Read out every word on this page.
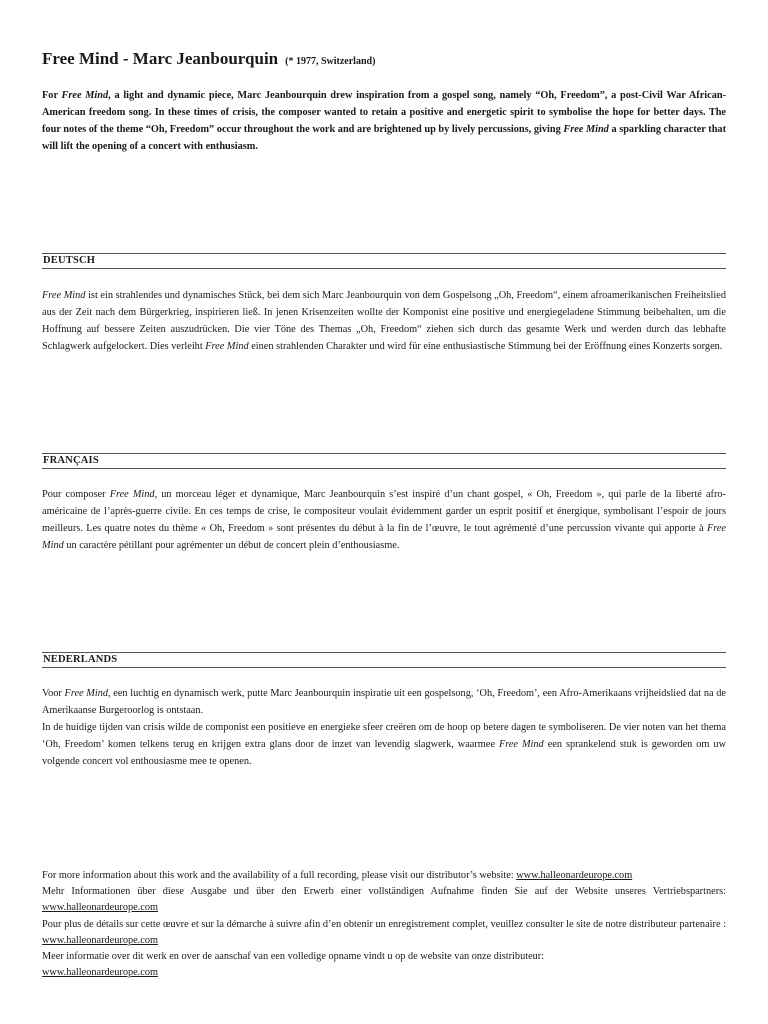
Free Mind - Marc Jeanbourquin (* 1977, Switzerland)
For Free Mind, a light and dynamic piece, Marc Jeanbourquin drew inspiration from a gospel song, namely “Oh, Freedom”, a post-Civil War African-American freedom song. In these times of crisis, the composer wanted to retain a positive and energetic spirit to symbolise the hope for better days. The four notes of the theme “Oh, Freedom” occur throughout the work and are brightened up by lively percussions, giving Free Mind a sparkling character that will lift the opening of a concert with enthusiasm.
DEUTSCH
Free Mind ist ein strahlendes und dynamisches Stück, bei dem sich Marc Jeanbourquin von dem Gospelsong „Oh, Freedom“, einem afroamerikanischen Freiheitslied aus der Zeit nach dem Bürgerkrieg, inspirieren ließ. In jenen Krisenzeiten wollte der Komponist eine positive und energiegeladene Stimmung beibehalten, um die Hoffnung auf bessere Zeiten auszudrücken. Die vier Töne des Themas „Oh, Freedom“ ziehen sich durch das gesamte Werk und werden durch das lebhafte Schlagwerk aufgelockert. Dies verleiht Free Mind einen strahlenden Charakter und wird für eine enthusiastische Stimmung bei der Eröffnung eines Konzerts sorgen.
FRANÇAIS
Pour composer Free Mind, un morceau léger et dynamique, Marc Jeanbourquin s’est inspiré d’un chant gospel, « Oh, Freedom », qui parle de la liberté afro-américaine de l’après-guerre civile. En ces temps de crise, le compositeur voulait évidemment garder un esprit positif et énergique, symbolisant l’espoir de jours meilleurs. Les quatre notes du thème « Oh, Freedom » sont présentes du début à la fin de l’œuvre, le tout agrémenté d’une percussion vivante qui apporte à Free Mind un caractère pétillant pour agrémenter un début de concert plein d’enthousiasme.
NEDERLANDS
Voor Free Mind, een luchtig en dynamisch werk, putte Marc Jeanbourquin inspiratie uit een gospelsong, ‘Oh, Freedom’, een Afro-Amerikaans vrijheidslied dat na de Amerikaanse Burgeroorlog is ontstaan.
In de huidige tijden van crisis wilde de componist een positieve en energieke sfeer creëren om de hoop op betere dagen te symboliseren. De vier noten van het thema ‘Oh, Freedom’ komen telkens terug en krijgen extra glans door de inzet van levendig slagwerk, waarmee Free Mind een sprankelend stuk is geworden om uw volgende concert vol enthousiasme mee te openen.
For more information about this work and the availability of a full recording, please visit our distributor’s website: www.halleonardeurope.com
Mehr Informationen über diese Ausgabe und über den Erwerb einer vollständigen Aufnahme finden Sie auf der Website unseres Vertriebspartners: www.halleonardeurope.com
Pour plus de détails sur cette œuvre et sur la démarche à suivre afin d’en obtenir un enregistrement complet, veuillez consulter le site de notre distributeur partenaire : www.halleonardeurope.com
Meer informatie over dit werk en over de aanschaf van een volledige opname vindt u op de website van onze distributeur:
www.halleonardeurope.com
